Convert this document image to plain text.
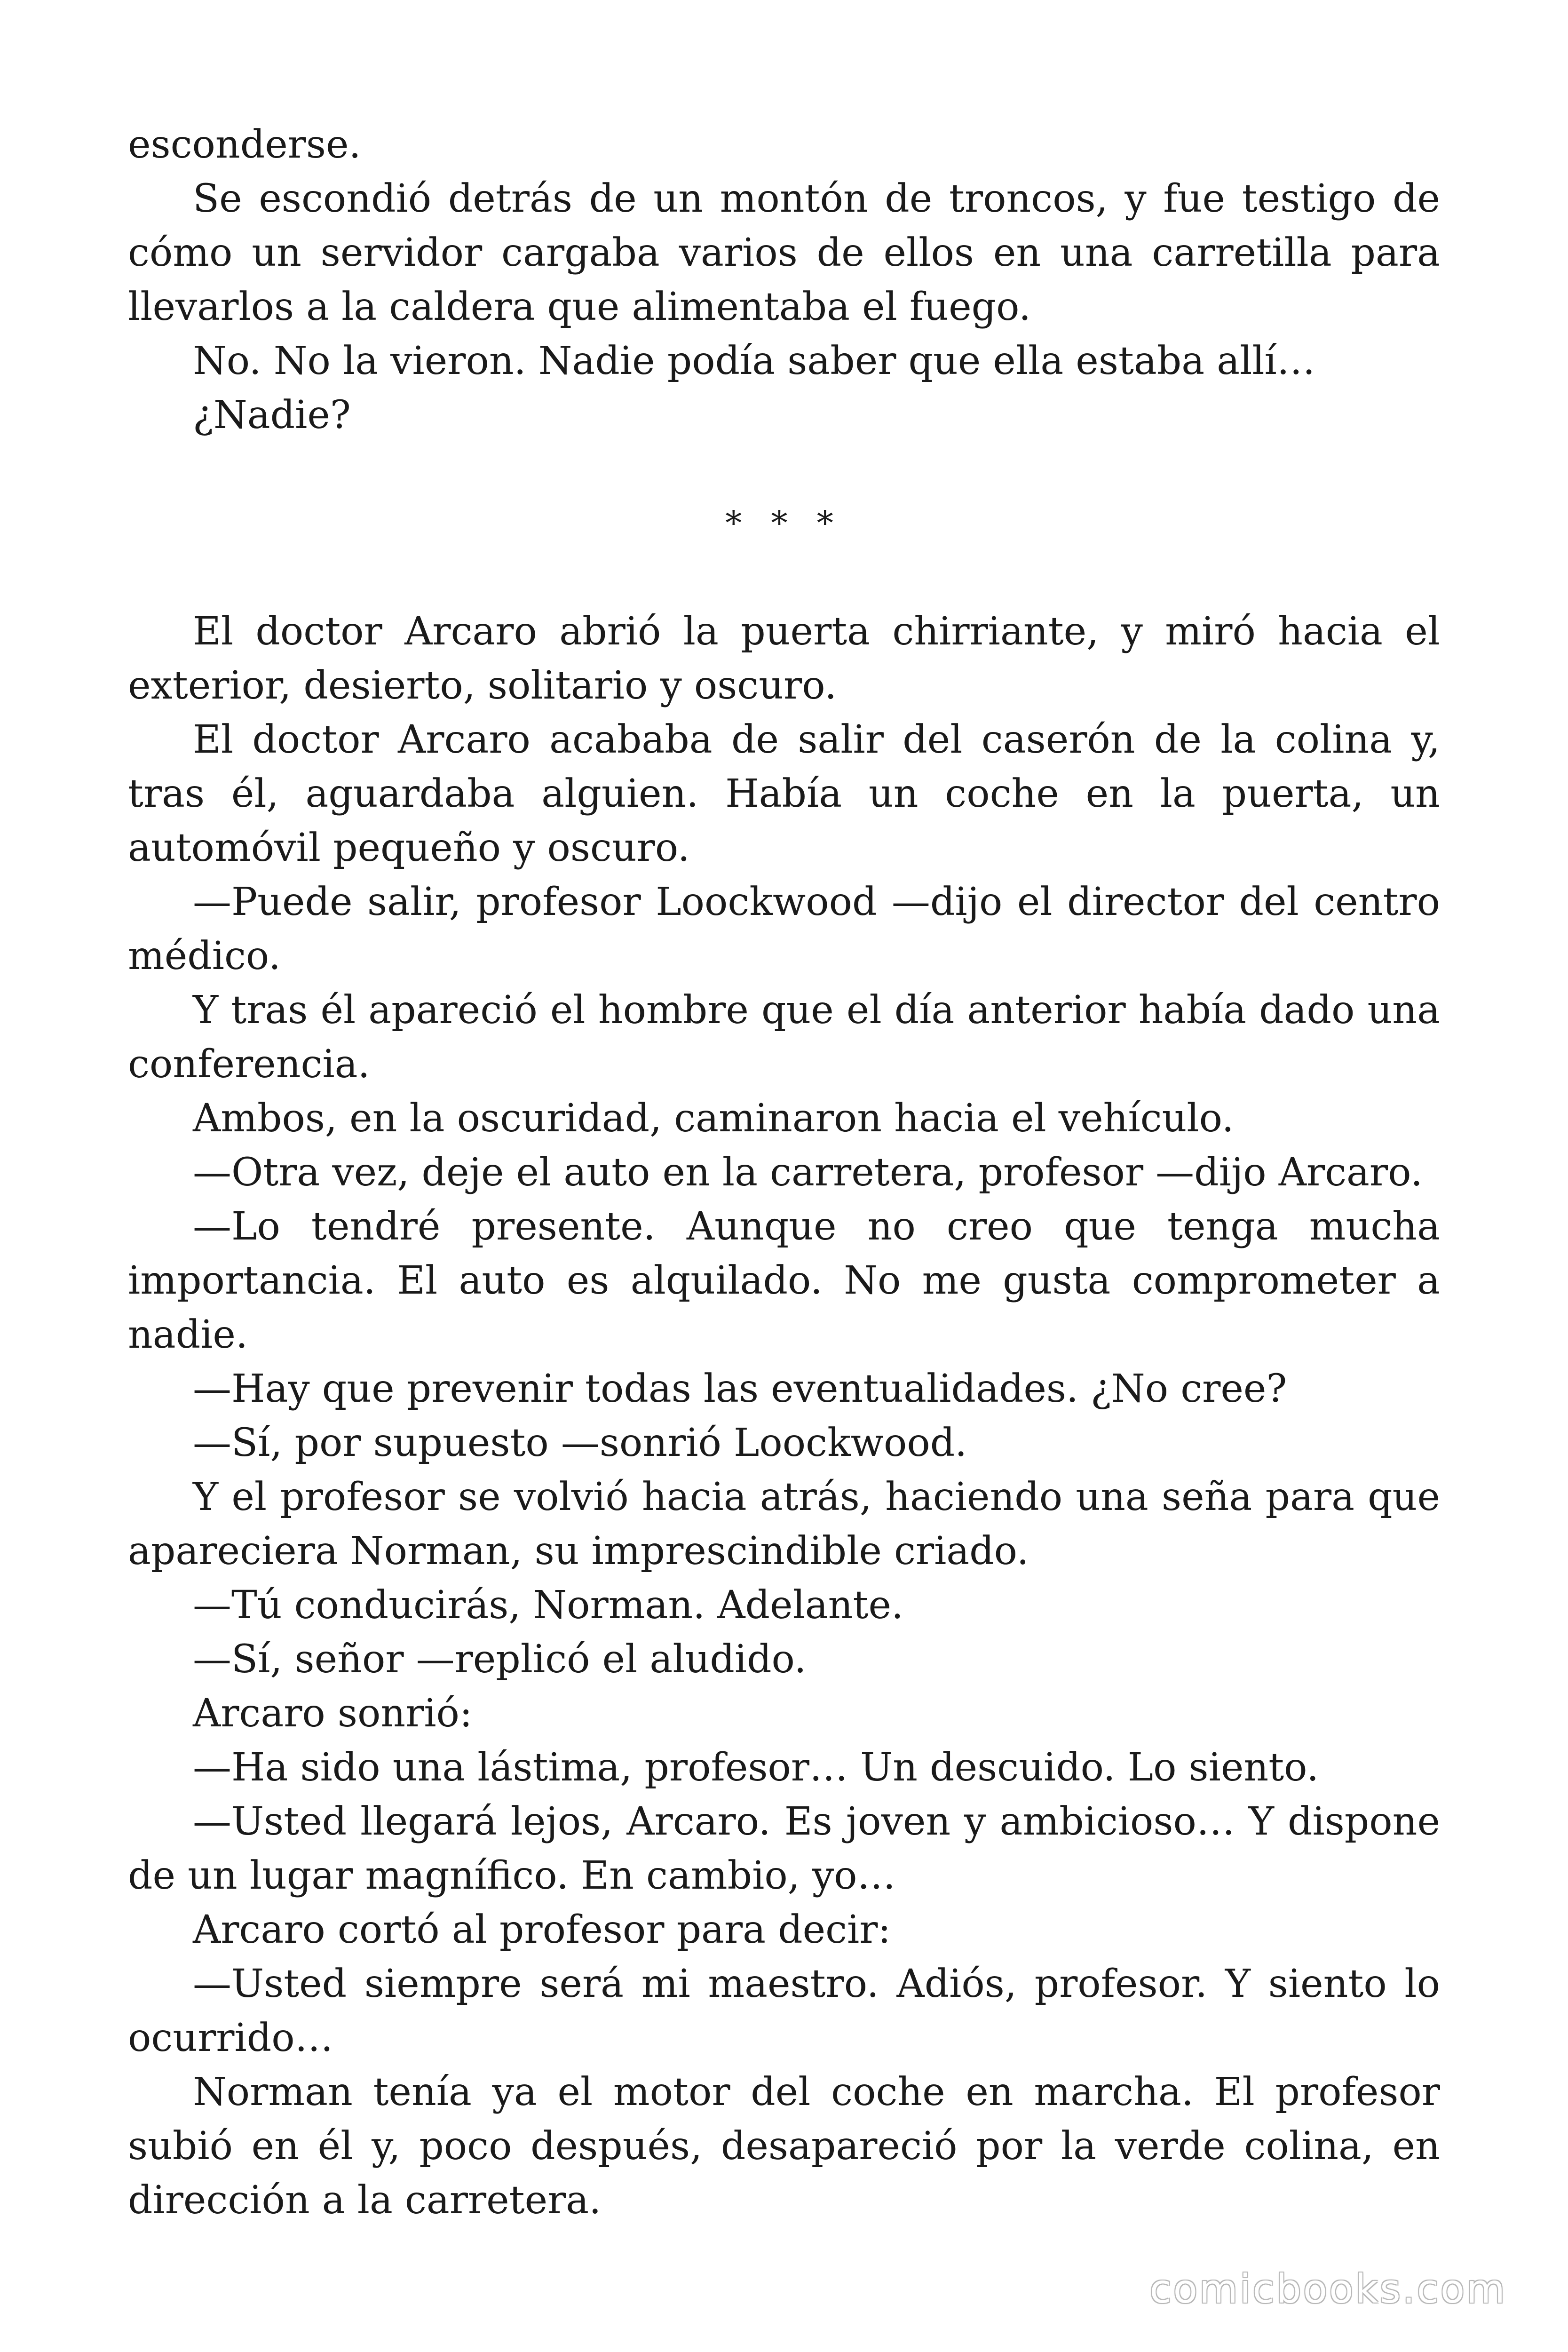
esconderse.

Se escondió detrás de un montón de troncos, y fue testigo de cómo un servidor cargaba varios de ellos en una carretilla para llevarlos a la caldera que alimentaba el fuego.

No. No la vieron. Nadie podía saber que ella estaba allí…

¿Nadie?

* * *

El doctor Arcaro abrió la puerta chirriante, y miró hacia el exterior, desierto, solitario y oscuro.

El doctor Arcaro acababa de salir del caserón de la colina y, tras él, aguardaba alguien. Había un coche en la puerta, un automóvil pequeño y oscuro.

—Puede salir, profesor Loockwood —dijo el director del centro médico.

Y tras él apareció el hombre que el día anterior había dado una conferencia.

Ambos, en la oscuridad, caminaron hacia el vehículo.

—Otra vez, deje el auto en la carretera, profesor —dijo Arcaro.

—Lo tendré presente. Aunque no creo que tenga mucha importancia. El auto es alquilado. No me gusta comprometer a nadie.

—Hay que prevenir todas las eventualidades. ¿No cree?

—Sí, por supuesto —sonrió Loockwood.

Y el profesor se volvió hacia atrás, haciendo una seña para que apareciera Norman, su imprescindible criado.

—Tú conducirás, Norman. Adelante.

—Sí, señor —replicó el aludido.

Arcaro sonrió:

—Ha sido una lástima, profesor… Un descuido. Lo siento.

—Usted llegará lejos, Arcaro. Es joven y ambicioso… Y dispone de un lugar magnífico. En cambio, yo…

Arcaro cortó al profesor para decir:

—Usted siempre será mi maestro. Adiós, profesor. Y siento lo ocurrido…

Norman tenía ya el motor del coche en marcha. El profesor subió en él y, poco después, desapareció por la verde colina, en dirección a la carretera.

comicbooks.com
